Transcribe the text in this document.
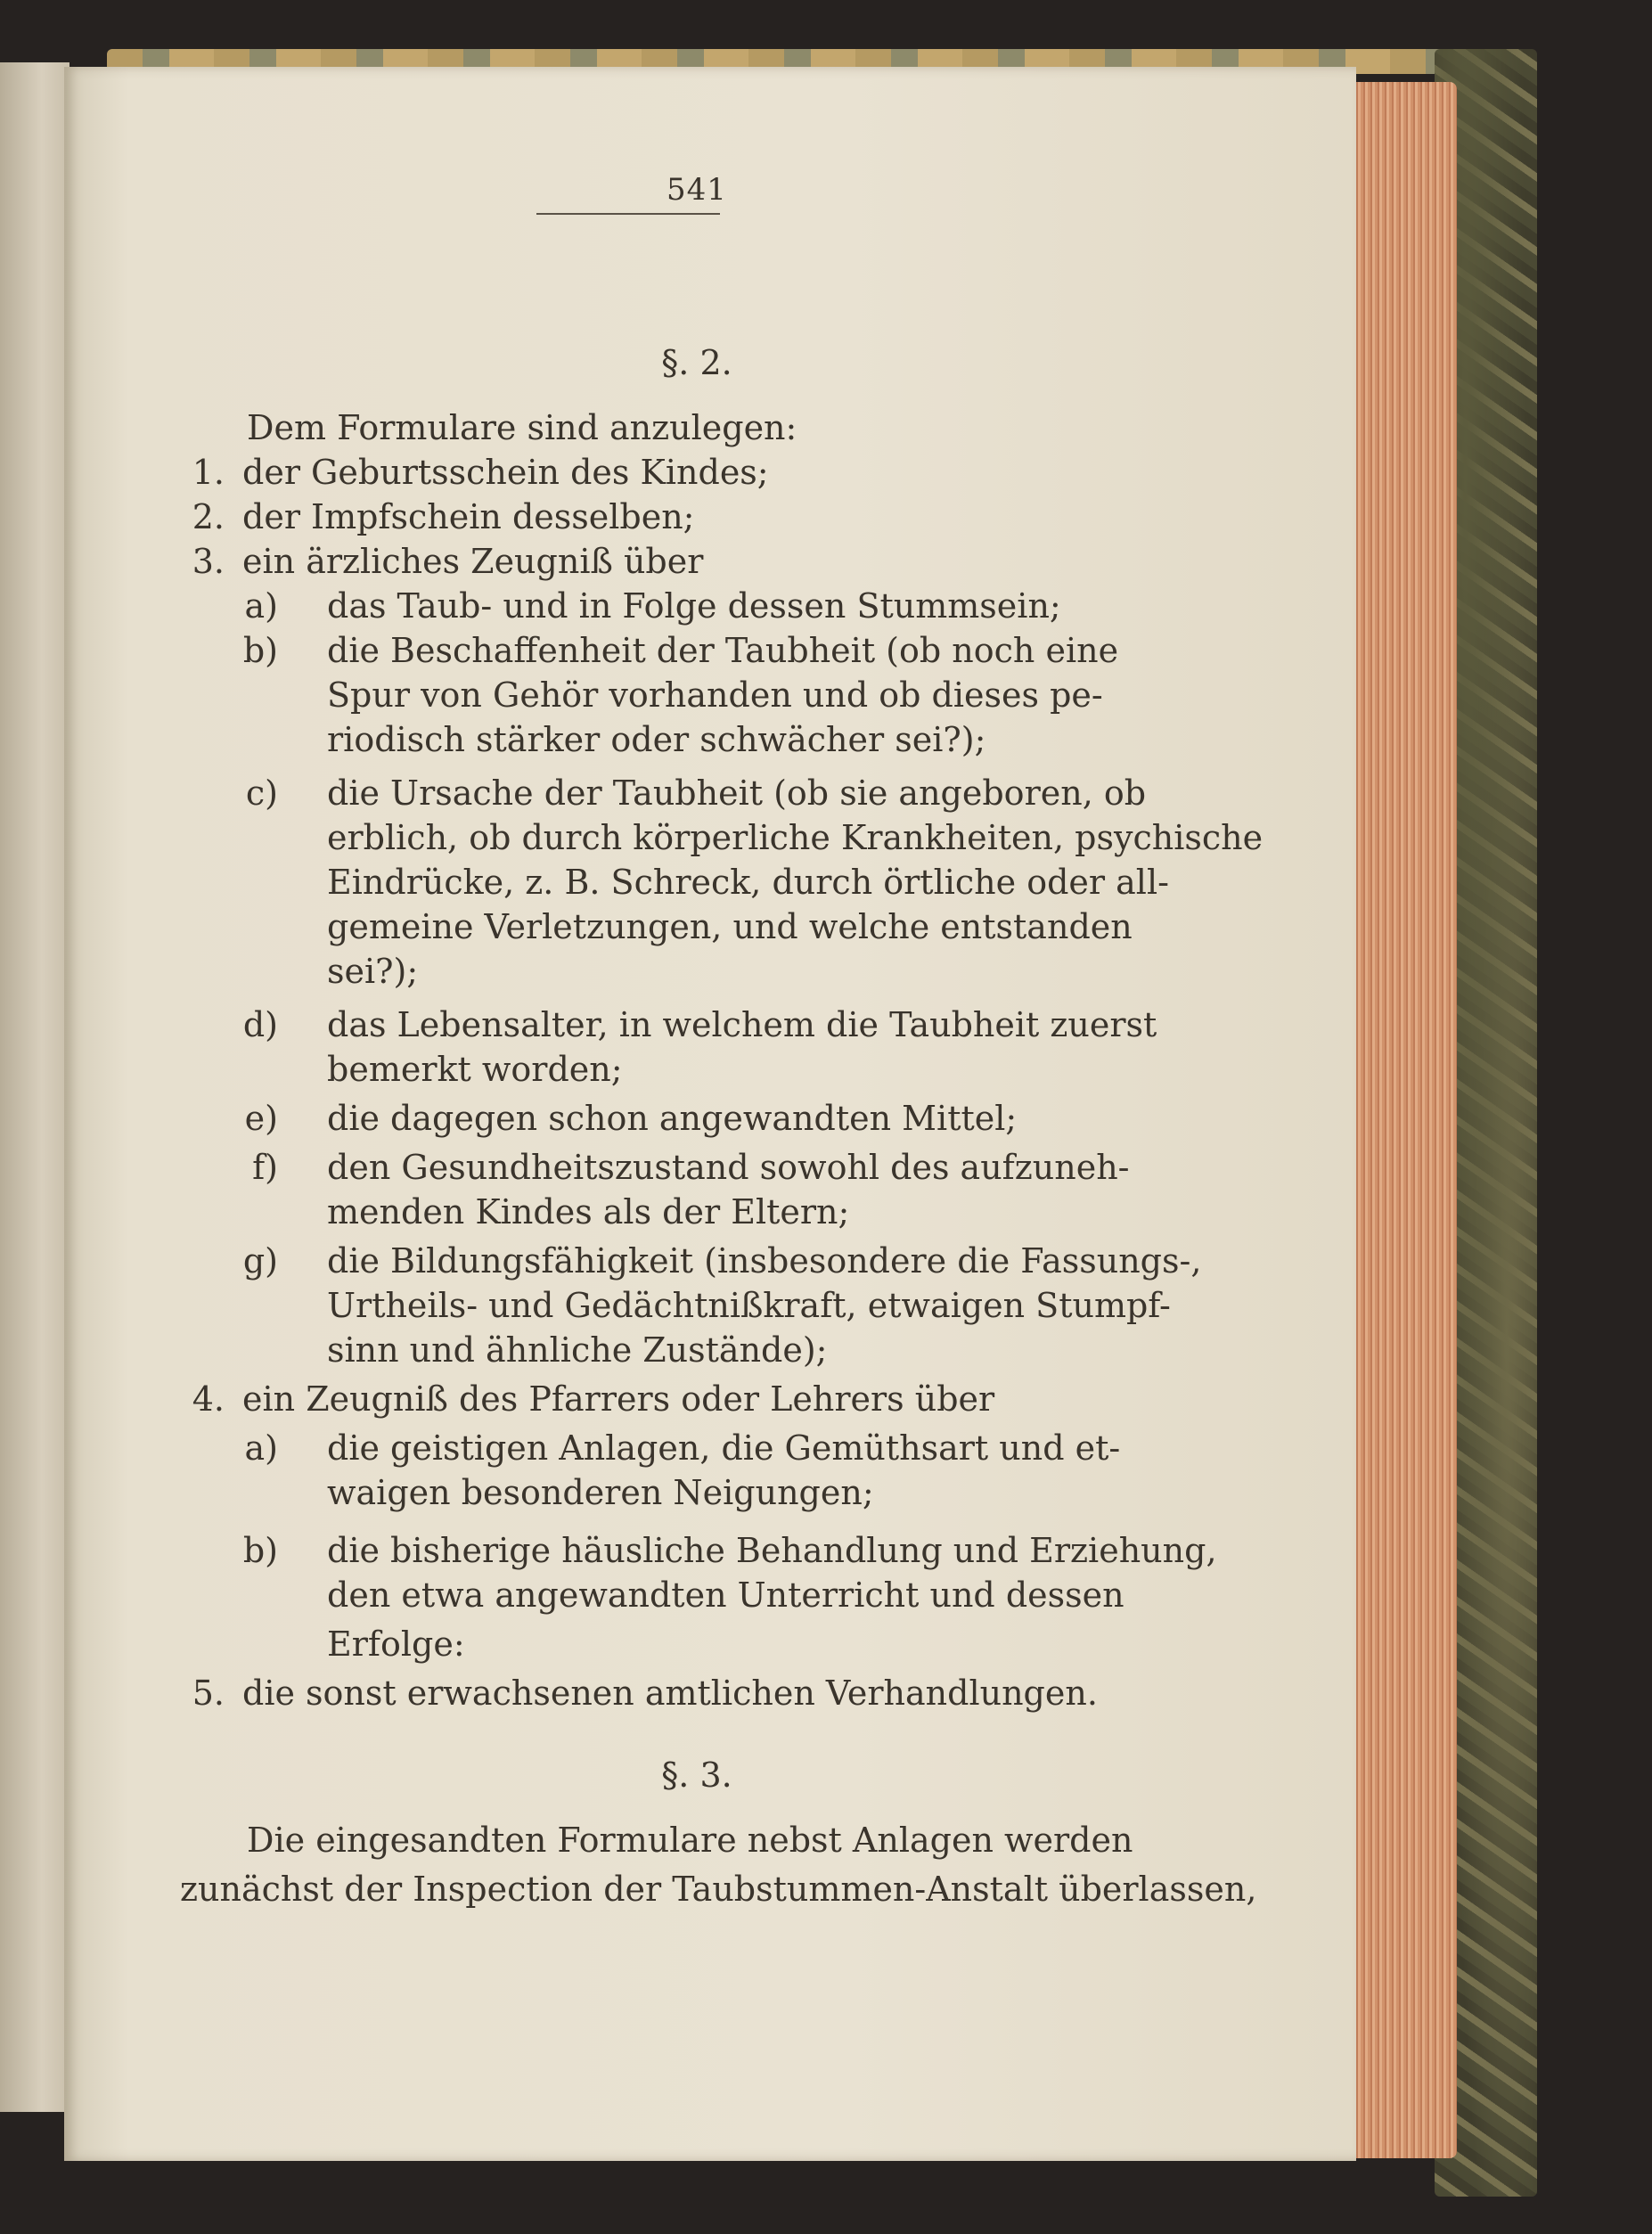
541
§. 2.
Dem Formulare sind anzulegen:
1. der Geburtsschein des Kindes;
2. der Impfschein desselben;
3. ein ärzliches Zeugniß über
a) das Taub- und in Folge dessen Stummsein;
b) die Beschaffenheit der Taubheit (ob noch eine
Spur von Gehör vorhanden und ob dieses pe-
riodisch stärker oder schwächer sei?);
c) die Ursache der Taubheit (ob sie angeboren, ob
erblich, ob durch körperliche Krankheiten, psychische
Eindrücke, z. B. Schreck, durch örtliche oder all-
gemeine Verletzungen, und welche entstanden
sei?);
d) das Lebensalter, in welchem die Taubheit zuerst
bemerkt worden;
e) die dagegen schon angewandten Mittel;
f) den Gesundheitszustand sowohl des aufzuneh-
menden Kindes als der Eltern;
g) die Bildungsfähigkeit (insbesondere die Fassungs-,
Urtheils- und Gedächtnißkraft, etwaigen Stumpf-
sinn und ähnliche Zustände);
4. ein Zeugniß des Pfarrers oder Lehrers über
a) die geistigen Anlagen, die Gemüthsart und et-
waigen besonderen Neigungen;
b) die bisherige häusliche Behandlung und Erziehung,
den etwa angewandten Unterricht und dessen
Erfolge:
5. die sonst erwachsenen amtlichen Verhandlungen.
§. 3.
Die eingesandten Formulare nebst Anlagen werden
zunächst der Inspection der Taubstummen-Anstalt überlassen,
